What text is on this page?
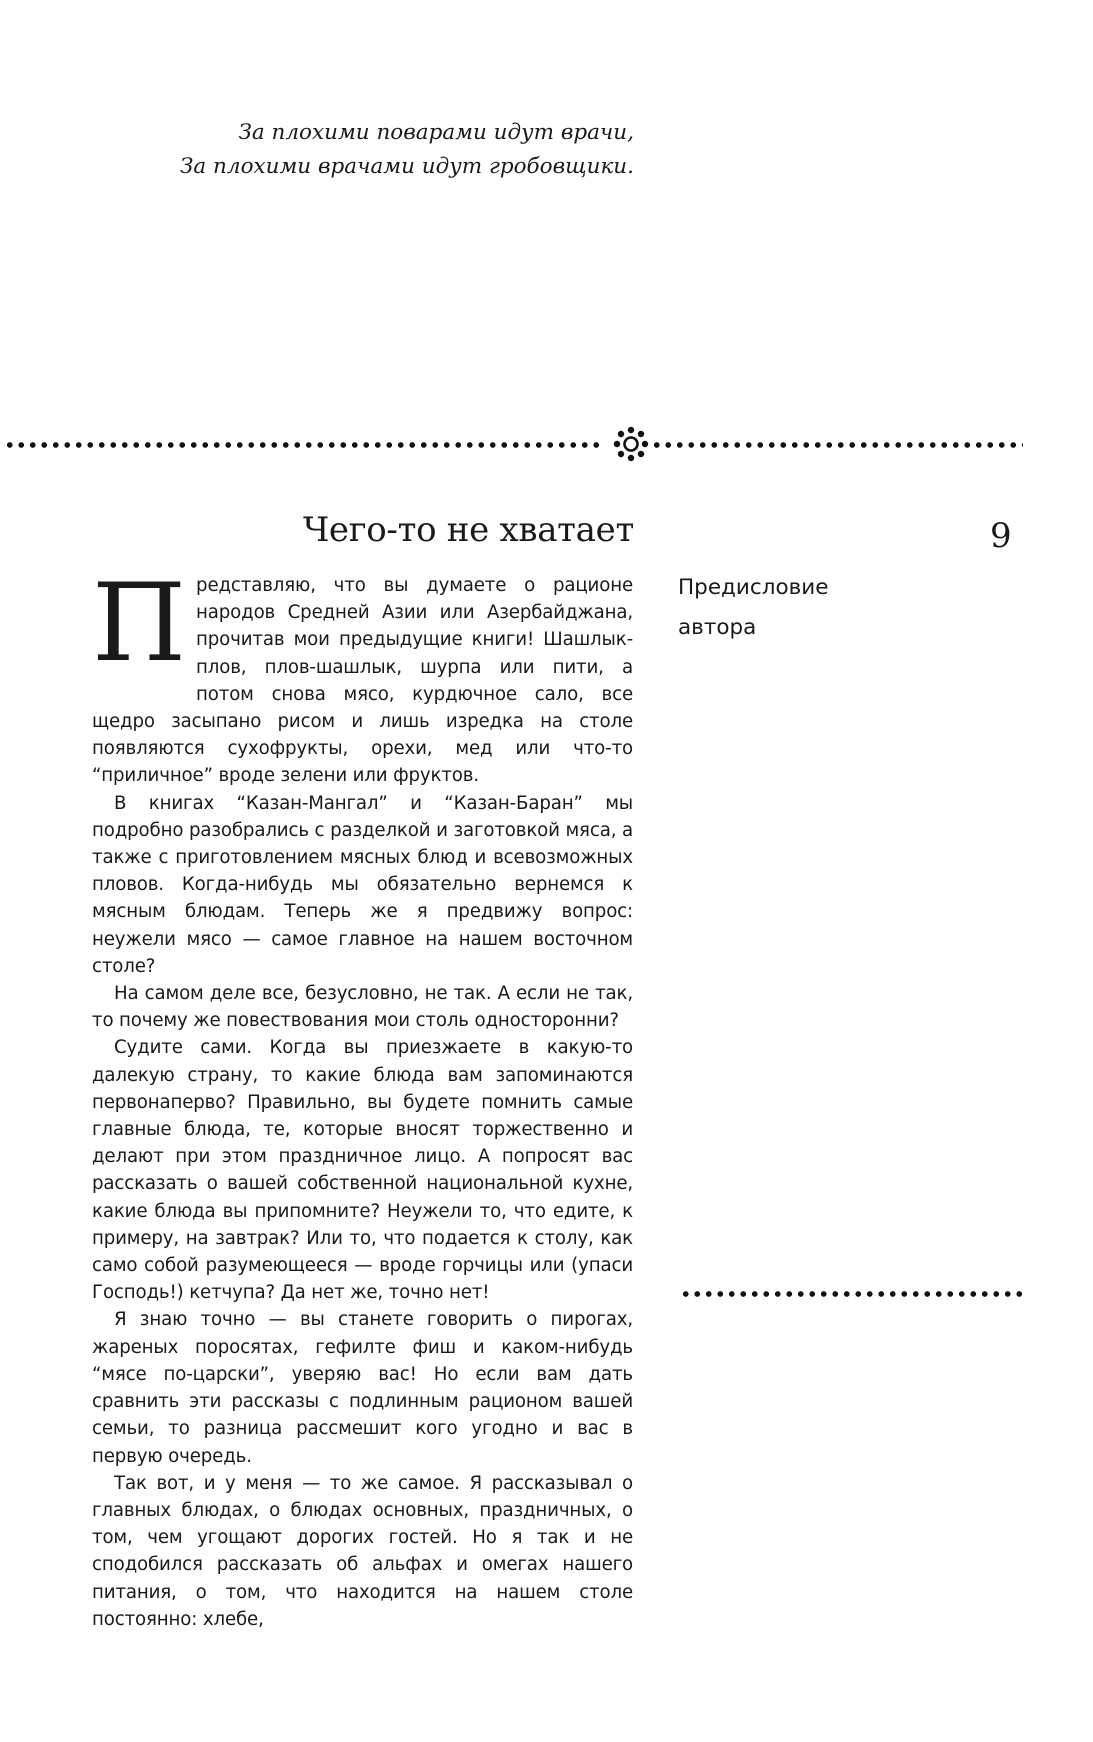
За плохими поварами идут врачи,
За плохими врачами идут гробовщики.
Чего-то не хватает	9
Предисловие
автора

Представляю, что вы думаете о рационе народов Средней Азии или Азербайджана, прочитав мои предыдущие книги! Шашлык-плов, плов-шашлык, шурпа или пити, а потом снова мясо, курдючное сало, все щедро засыпано рисом и лишь изредка на столе появляются сухофрукты, орехи, мед или что-то “приличное” вроде зелени или фруктов.

В книгах “Казан-Мангал” и “Казан-Баран” мы подробно разобрались с разделкой и заготовкой мяса, а также с приготовлением мясных блюд и всевозможных пловов. Когда-нибудь мы обязательно вернемся к мясным блюдам. Теперь же я предвижу вопрос: неужели мясо — самое главное на нашем восточном столе?

На самом деле все, безусловно, не так. А если не так, то почему же повествования мои столь односторонни?

Судите сами. Когда вы приезжаете в какую-то далекую страну, то какие блюда вам запоминаются первонаперво? Правильно, вы будете помнить самые главные блюда, те, которые вносят торжественно и делают при этом праздничное лицо. А попросят вас рассказать о вашей собственной национальной кухне, какие блюда вы припомните? Неужели то, что едите, к примеру, на завтрак? Или то, что подается к столу, как само собой разумеющееся — вроде горчицы или (упаси Господь!) кетчупа? Да нет же, точно нет!

Я знаю точно — вы станете говорить о пирогах, жареных поросятах, гефилте фиш и каком-нибудь “мясе по-царски”, уверяю вас! Но если вам дать сравнить эти рассказы с подлинным рационом вашей семьи, то разница рассмешит кого угодно и вас в первую очередь.

Так вот, и у меня — то же самое. Я рассказывал о главных блюдах, о блюдах основных, праздничных, о том, чем угощают дорогих гостей. Но я так и не сподобился рассказать об альфах и омегах нашего питания, о том, что находится на нашем столе постоянно: хлебе,
